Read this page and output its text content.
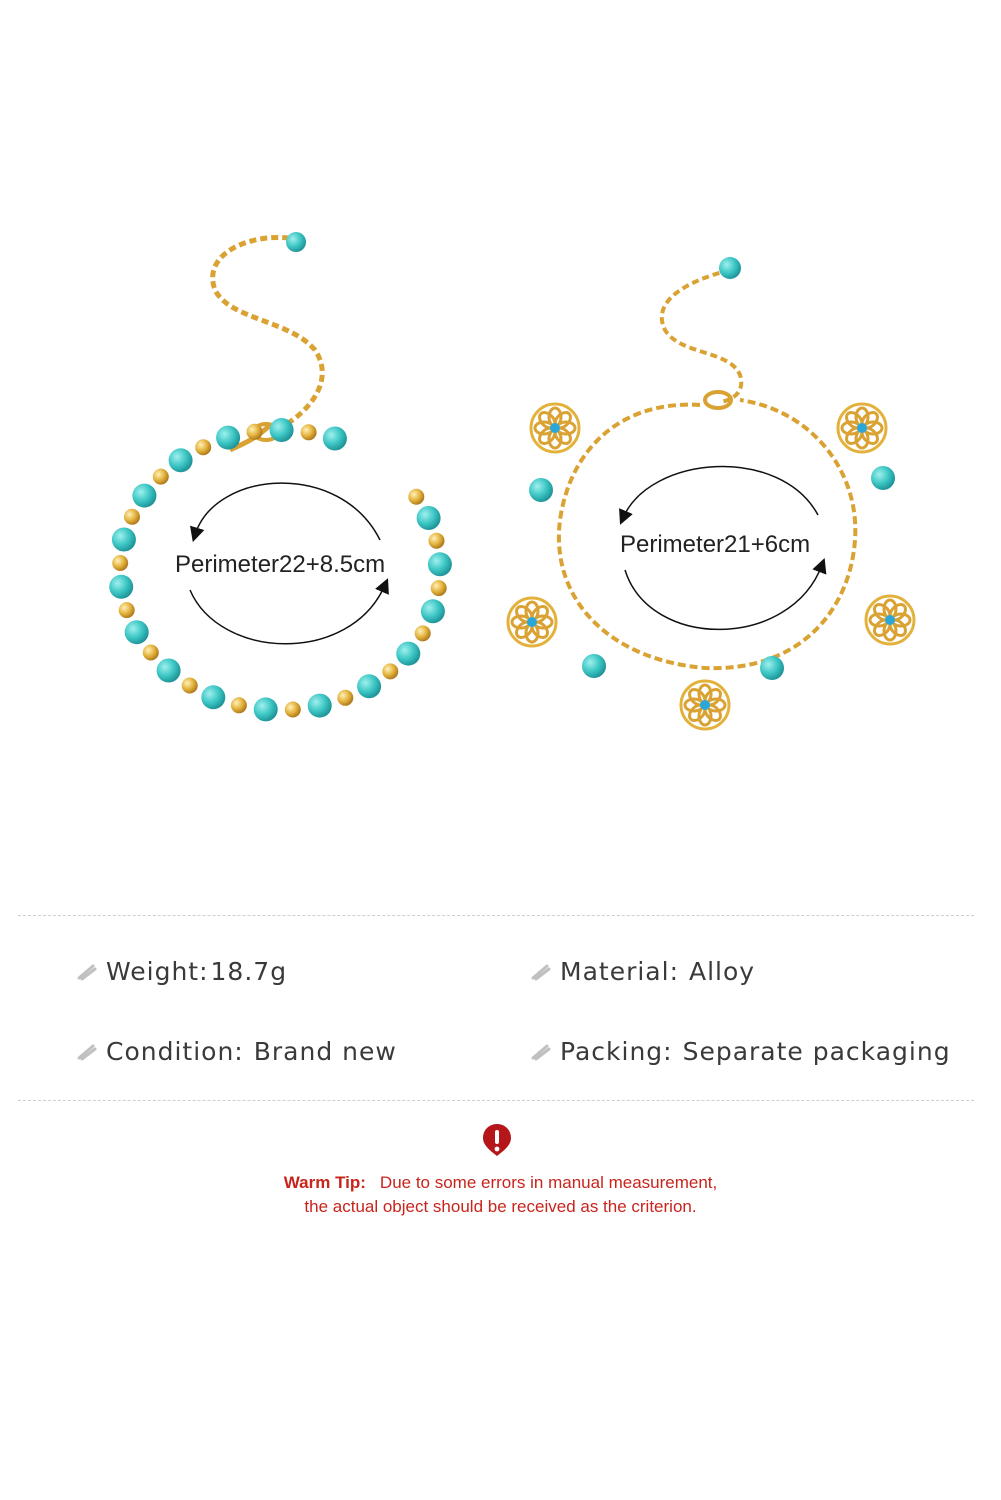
Perimeter22+8.5cm
Perimeter21+6cm
Weight: 18.7g	Material: Alloy
Condition: Brand new	Packing: Separate packaging
Warm Tip: Due to some errors in manual measurement,
the actual object should be received as the criterion.
